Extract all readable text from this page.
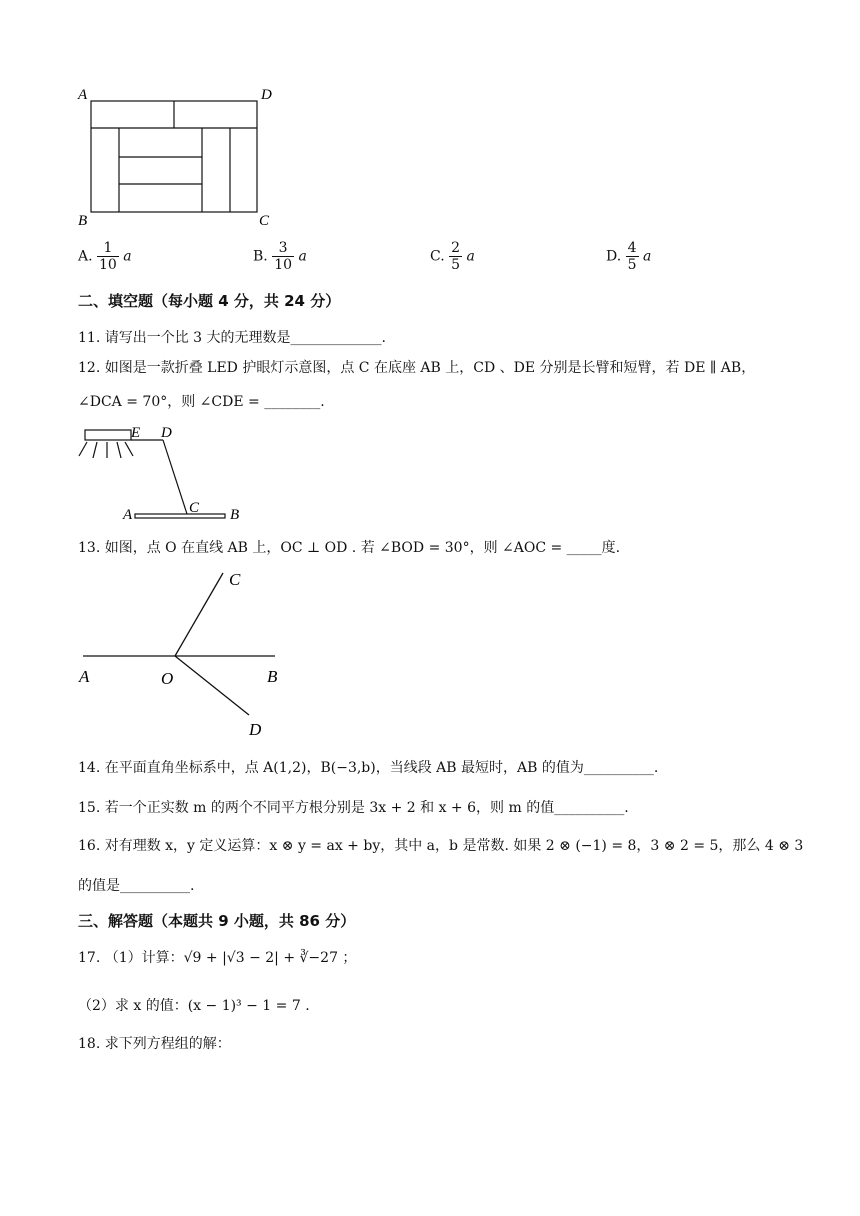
A	D
B	C
A. $\frac{1}{10}$ a	B. $\frac{3}{10}$ a	C. $\frac{2}{5}$ a	D. $\frac{4}{5}$ a
二、填空题（每小题 4 分，共 24 分）
11. 请写出一个比 3 大的无理数是_____________.
12. 如图是一款折叠 LED 护眼灯示意图，点 C 在底座 AB 上，CD 、DE 分别是长臂和短臂，若 DE ∥ AB，
∠DCA = 70°，则 ∠CDE = ________.
E D
C
A	B
13. 如图，点 O 在直线 AB 上，OC ⊥ OD . 若 ∠BOD = 30°，则 ∠AOC = _____度.
C
A	O	B
D
14. 在平面直角坐标系中，点 A(1,2)，B(−3,b)，当线段 AB 最短时，AB 的值为__________.
15. 若一个正实数 m 的两个不同平方根分别是 3x + 2 和 x + 6，则 m 的值__________.
16. 对有理数 x，y 定义运算：x ⊗ y = ax + by，其中 a，b 是常数. 如果 2 ⊗ (−1) = 8，3 ⊗ 2 = 5，那么 4 ⊗ 3
的值是__________.
三、解答题（本题共 9 小题，共 86 分）
17. （1）计算：√9 + |√3 − 2| + ∛−27 ；
（2）求 x 的值：(x − 1)³ − 1 = 7 .
18. 求下列方程组的解：
